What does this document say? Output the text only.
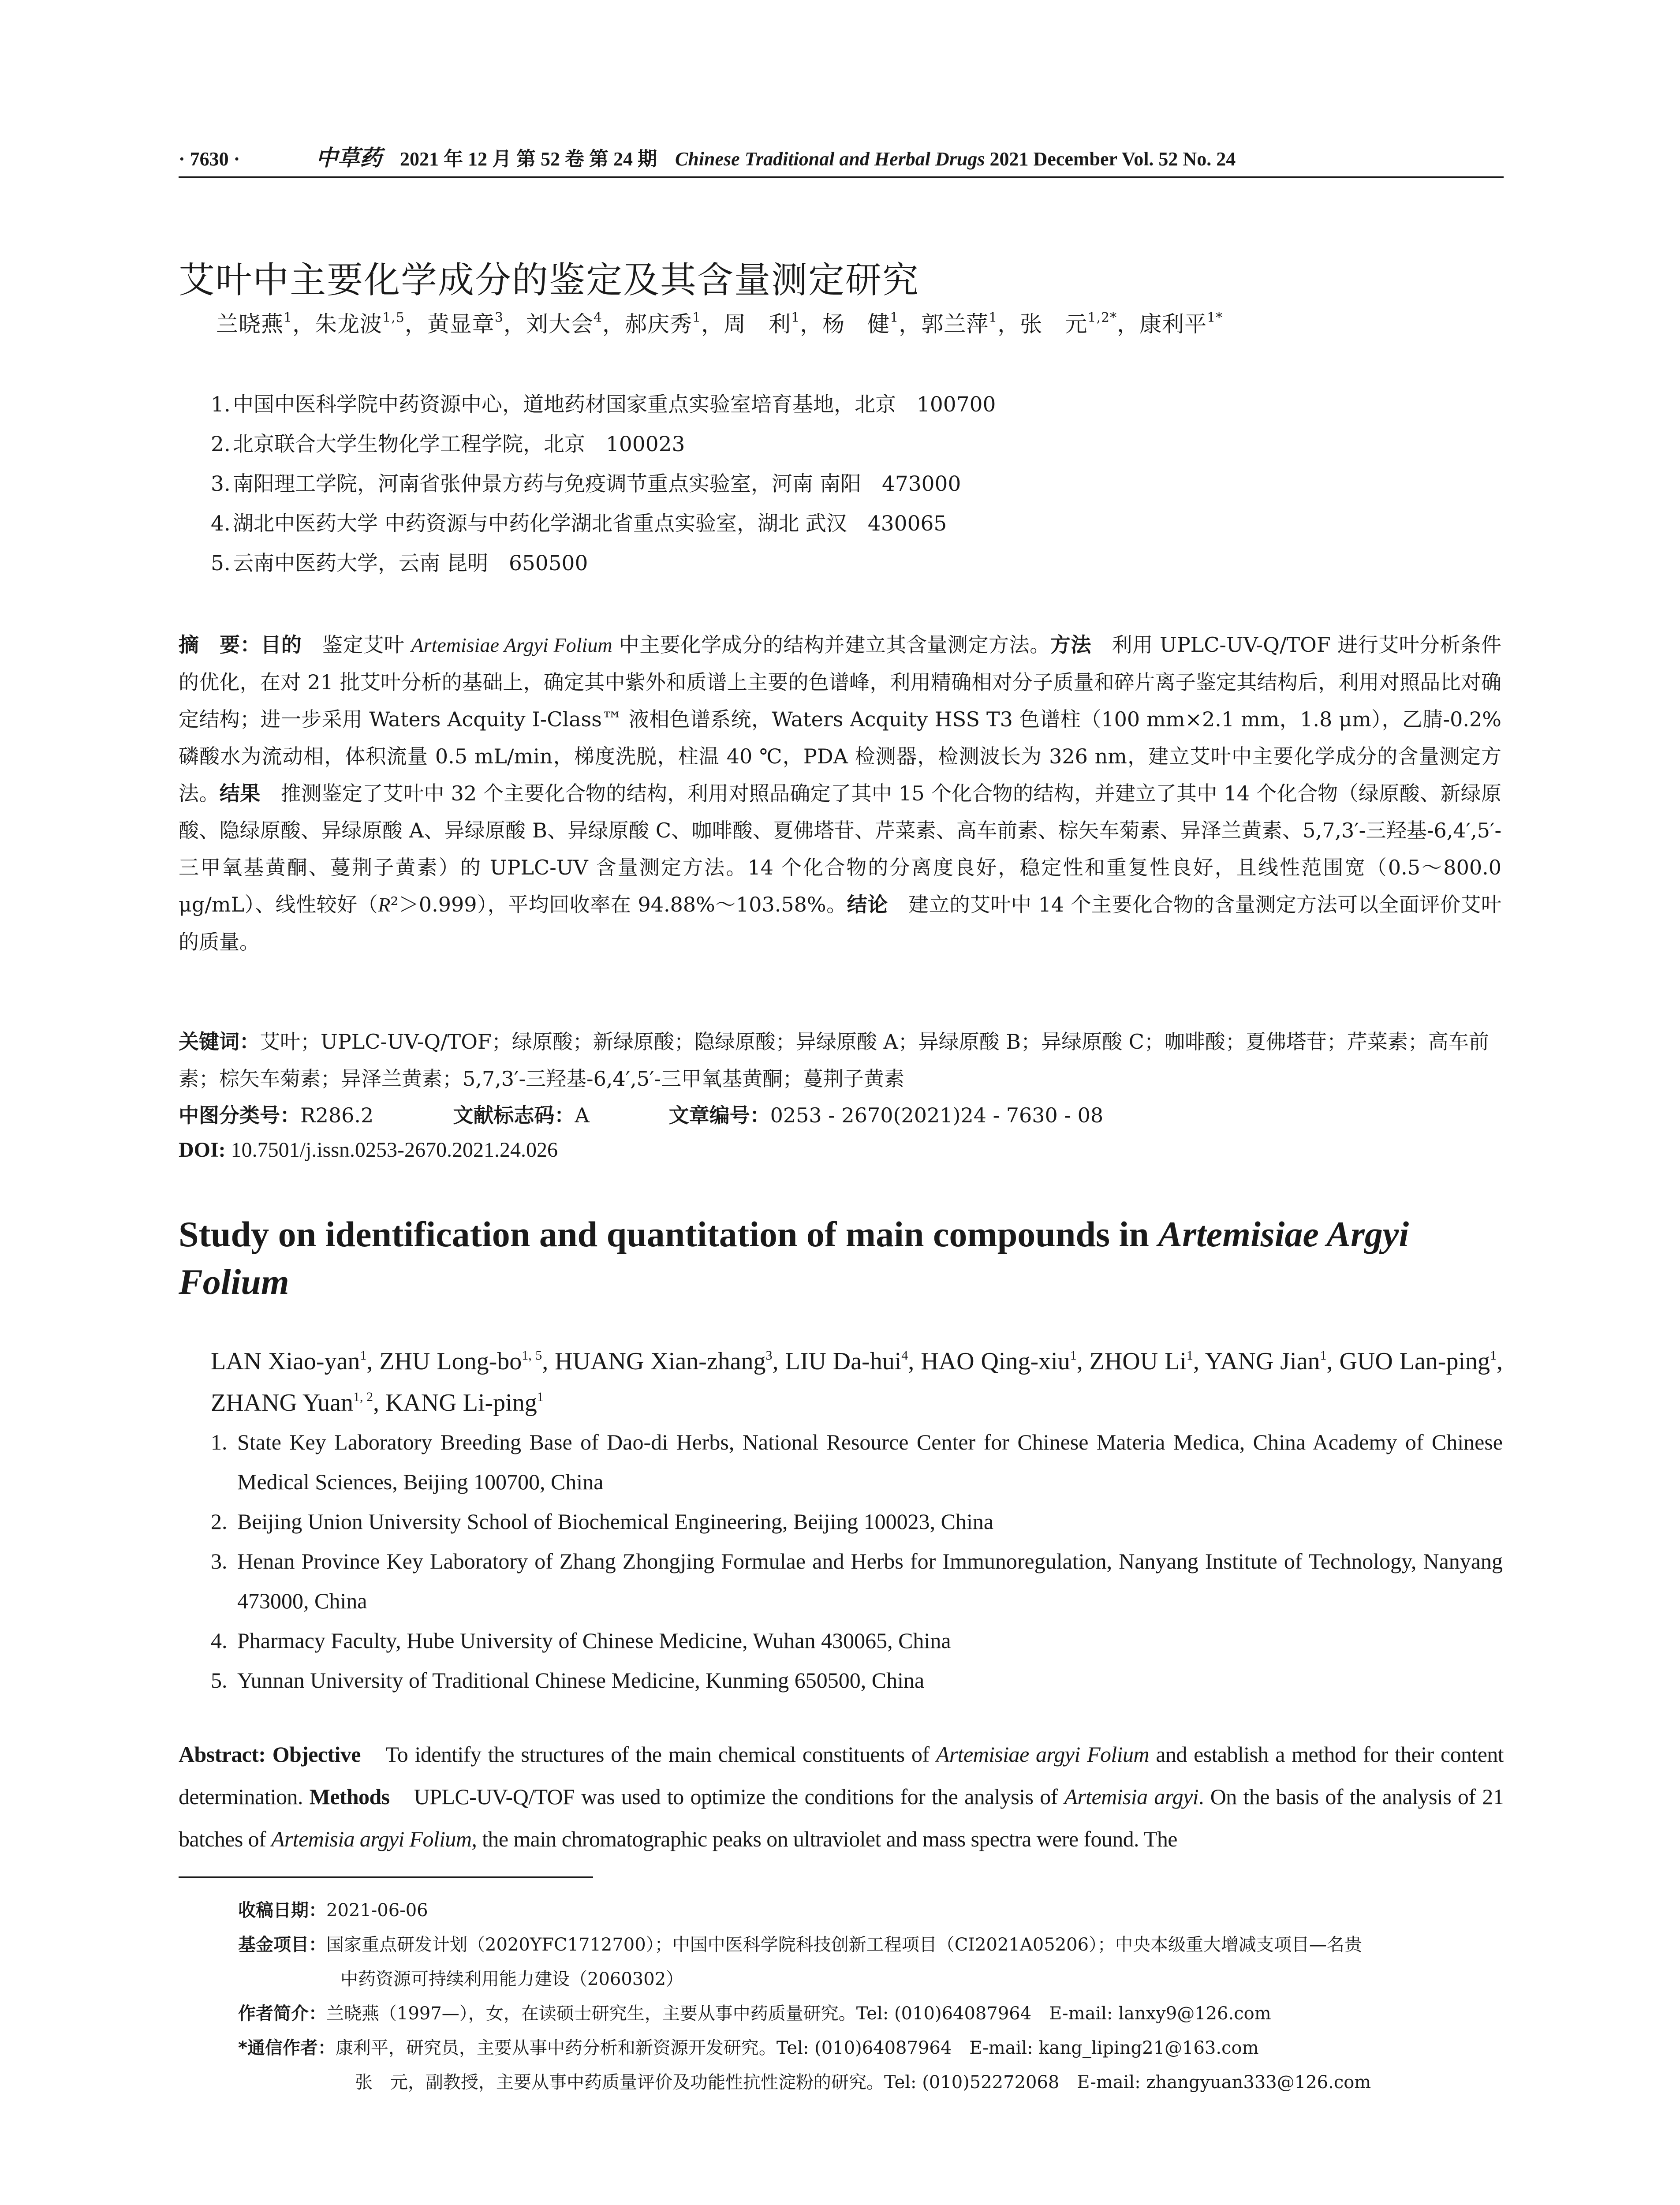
· 7630 ·	中草药 2021 年 12 月 第 52 卷 第 24 期 Chinese Traditional and Herbal Drugs 2021 December Vol. 52 No. 24
艾叶中主要化学成分的鉴定及其含量测定研究
兰晓燕$^1$，朱龙波$^{1,5}$，黄显章$^3$，刘大会$^4$，郝庆秀$^1$，周　利$^1$，杨　健$^1$，郭兰萍$^1$，张　元$^{1,2*}$，康利平$^{1*}$
1. 中国中医科学院中药资源中心，道地药材国家重点实验室培育基地，北京　100700
2. 北京联合大学生物化学工程学院，北京　100023
3. 南阳理工学院，河南省张仲景方药与免疫调节重点实验室，河南 南阳　473000
4. 湖北中医药大学 中药资源与中药化学湖北省重点实验室，湖北 武汉　430065
5. 云南中医药大学，云南 昆明　650500
摘　要：目的　鉴定艾叶 Artemisiae Argyi Folium 中主要化学成分的结构并建立其含量测定方法。方法　利用 UPLC-UV-Q/TOF 进行艾叶分析条件的优化，在对 21 批艾叶分析的基础上，确定其中紫外和质谱上主要的色谱峰，利用精确相对分子质量和碎片离子鉴定其结构后，利用对照品比对确定结构；进一步采用 Waters Acquity I-Class™ 液相色谱系统，Waters Acquity HSS T3 色谱柱（100 mm×2.1 mm，1.8 μm），乙腈-0.2%磷酸水为流动相，体积流量 0.5 mL/min，梯度洗脱，柱温 40 ℃，PDA 检测器，检测波长为 326 nm，建立艾叶中主要化学成分的含量测定方法。结果　推测鉴定了艾叶中 32 个主要化合物的结构，利用对照品确定了其中 15 个化合物的结构，并建立了其中 14 个化合物（绿原酸、新绿原酸、隐绿原酸、异绿原酸 A、异绿原酸 B、异绿原酸 C、咖啡酸、夏佛塔苷、芹菜素、高车前素、棕矢车菊素、异泽兰黄素、5,7,3′-三羟基-6,4′,5′-三甲氧基黄酮、蔓荆子黄素）的 UPLC-UV 含量测定方法。14 个化合物的分离度良好，稳定性和重复性良好，且线性范围宽（0.5～800.0 μg/mL）、线性较好（R²＞0.999），平均回收率在 94.88%～103.58%。结论　建立的艾叶中 14 个主要化合物的含量测定方法可以全面评价艾叶的质量。
关键词：艾叶；UPLC-UV-Q/TOF；绿原酸；新绿原酸；隐绿原酸；异绿原酸 A；异绿原酸 B；异绿原酸 C；咖啡酸；夏佛塔苷；芹菜素；高车前素；棕矢车菊素；异泽兰黄素；5,7,3′-三羟基-6,4′,5′-三甲氧基黄酮；蔓荆子黄素
中图分类号：R286.2	文献标志码：A	文章编号：0253 - 2670(2021)24 - 7630 - 08
DOI: 10.7501/j.issn.0253-2670.2021.24.026
Study on identification and quantitation of main compounds in Artemisiae Argyi Folium
LAN Xiao-yan$^1$, ZHU Long-bo$^{1, 5}$, HUANG Xian-zhang$^3$, LIU Da-hui$^4$, HAO Qing-xiu$^1$, ZHOU Li$^1$, YANG Jian$^1$, GUO Lan-ping$^1$, ZHANG Yuan$^{1, 2}$, KANG Li-ping$^1$
1. State Key Laboratory Breeding Base of Dao-di Herbs, National Resource Center for Chinese Materia Medica, China Academy of Chinese Medical Sciences, Beijing 100700, China
2. Beijing Union University School of Biochemical Engineering, Beijing 100023, China
3. Henan Province Key Laboratory of Zhang Zhongjing Formulae and Herbs for Immunoregulation, Nanyang Institute of Technology, Nanyang 473000, China
4. Pharmacy Faculty, Hube University of Chinese Medicine, Wuhan 430065, China
5. Yunnan University of Traditional Chinese Medicine, Kunming 650500, China
Abstract: Objective　To identify the structures of the main chemical constituents of Artemisiae argyi Folium and establish a method for their content determination. Methods　UPLC-UV-Q/TOF was used to optimize the conditions for the analysis of Artemisia argyi. On the basis of the analysis of 21 batches of Artemisia argyi Folium, the main chromatographic peaks on ultraviolet and mass spectra were found. The
收稿日期：2021-06-06
基金项目：国家重点研发计划（2020YFC1712700）；中国中医科学院科技创新工程项目（CI2021A05206）；中央本级重大增减支项目—名贵
中药资源可持续利用能力建设（2060302）
作者简介：兰晓燕（1997—），女，在读硕士研究生，主要从事中药质量研究。Tel: (010)64087964　E-mail: lanxy9@126.com
*通信作者：康利平，研究员，主要从事中药分析和新资源开发研究。Tel: (010)64087964　E-mail: kang_liping21@163.com
张　元，副教授，主要从事中药质量评价及功能性抗性淀粉的研究。Tel: (010)52272068　E-mail: zhangyuan333@126.com
